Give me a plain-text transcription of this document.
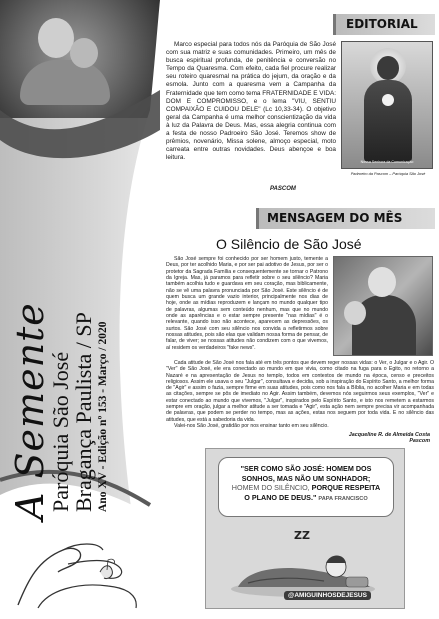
A Semente
Paróquia São José
Bragança Paulista / SP Ano XV - Edição nº 153 - Março / 2020
EDITORIAL
Marco especial para todos nós da Paróquia de São José com sua matriz e suas comunidades. Primeiro, um mês de busca espiritual profunda, de penitência e conversão no Tempo da Quaresma. Com efeito, cada fiel procure realizar seu roteiro quaresmal na prática do jejum, da oração e da esmola. Junto com a quaresma vem a Campanha da Fraternidade que tem como tema FRATERNIDADE E VIDA: DOM E COMPROMISSO, e o lema "VIU, SENTIU COMPAIXÃO E CUIDOU DELE" (Lc 10,33-34). O objetivo geral da Campanha é uma melhor conscientização da vida à luz da Palavra de Deus. Mas, essa alegria continua com a festa de nosso Padroeiro São José. Teremos show de prêmios, novenário, Missa solene, almoço especial, moto carreata entre outras novidades. Deus abençoe e boa leitura.
PASCOM
Nossa Senhora da Comunicação
Padroeiro da Pascom – Paróquia São José
MENSAGEM DO MÊS
O Silêncio de São José
São José sempre foi conhecido por ser homem justo, temente a Deus, por ter acolhido Maria, e por ser pai adotivo de Jesus, por ser o protetor da Sagrada Família e consequentemente se tornar o Patrono da Igreja. Mas, já paramos para refletir sobre o seu silêncio? Maria também acolhia tudo e guardava em seu coração, mas biblicamente, não se vê uma palavra pronunciada por São José. Este silêncio é de quem busca um grande vazio interior, principalmente nos dias de hoje, onde as mídias reproduzem e lançam no mundo qualquer tipo de palavras, algumas sem conteúdo nenhum, mas que no mundo onde as aparências e o estar sempre presente "nas mídias" é o relevante, quando isso não acontece, aparecem as depressões, os surtos. São José com seu silêncio nos convida a refletirmos sobre nossas atitudes, pois são elas que validam nossa forma de pensar, de falar, de viver; se nossas atitudes não condizem com o que vivemos, aí residem os verdadeiros "fake news".

Cada atitude de São José nos fala até em três pontos que devem reger nossas vidas: o Ver, o Julgar e o Agir. O "Ver" de São José, ele era conectado ao mundo em que vivia, como citado na fuga para o Egito, no retorno a Nazaré e na apresentação de Jesus no templo, todos em contextos de mundo na época, censo e preceitos religiosos. Assim ele usava o seu "Julgar", consultava e decidia, sob a inspiração do Espírito Santo, a melhor forma de "Agir" e assim o fazia, sempre firme em suas atitudes, pois como nos fala a Bíblia, no acolher Maria e em todas as citações, sempre se pôs de imediato no Agir. Assim também, devemos nós seguirmos seus exemplos, "Ver" e estar conectado ao mundo que vivemos, "Julgar", inspirados pelo Espírito Santo, e isto nos remetem a estarmos sempre em oração, julgar a melhor atitude a ser tomada e "Agir", esta ação nem sempre precisa vir acompanhada de palavras, que podem se perder no tempo, mas as ações, estas nos seguem por toda vida. E no silêncio das atitudes, que está a sabedoria da vida.

Valei-nos São José, gratidão por nos ensinar tanto em seu silêncio.

Jacqueline R. de Almeida Costa
Pascom
"SER COMO SÃO JOSÉ: HOMEM DOS SONHOS, MAS NÃO UM SONHADOR; HOMEM DO SILÊNCIO, PORQUE RESPEITA O PLANO DE DEUS." PAPA FRANCISCO
ZZ
@AMIGUINHOSDEJESUS
